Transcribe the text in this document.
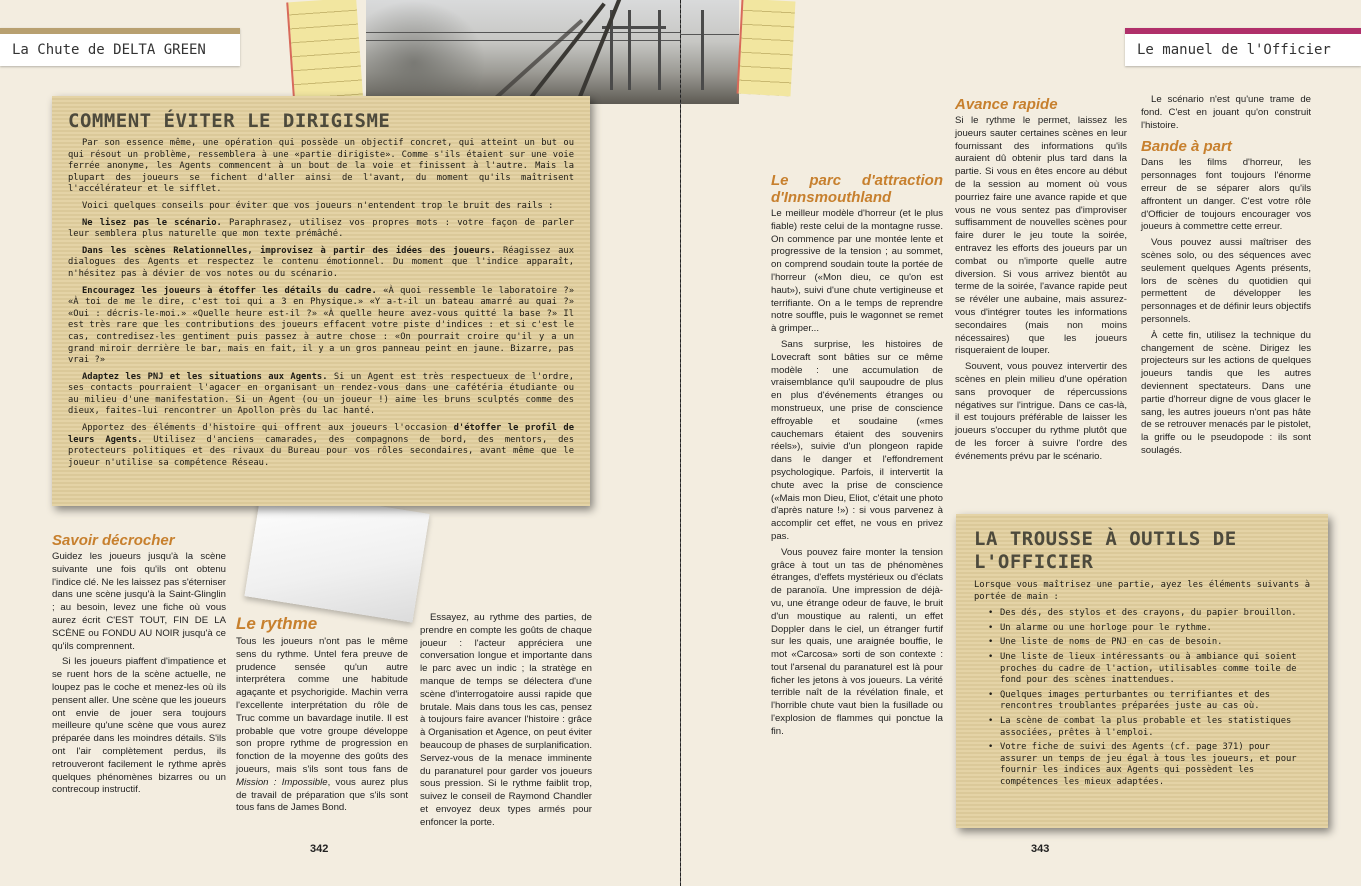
La Chute de DELTA GREEN
COMMENT ÉVITER LE DIRIGISME

Par son essence même, une opération qui possède un objectif concret, qui atteint un but ou qui résout un problème, ressemblera à une «partie dirigiste». Comme s'ils étaient sur une voie ferrée anonyme, les Agents commencent à un bout de la voie et finissent à l'autre. Mais la plupart des joueurs se fichent d'aller ainsi de l'avant, du moment qu'ils maîtrisent l'accélérateur et le sifflet.

Voici quelques conseils pour éviter que vos joueurs n'entendent trop le bruit des rails :

Ne lisez pas le scénario. Paraphrasez, utilisez vos propres mots : votre façon de parler leur semblera plus naturelle que mon texte prémâché.

Dans les scènes Relationnelles, improvisez à partir des idées des joueurs. Réagissez aux dialogues des Agents et respectez le contenu émotionnel. Du moment que l'indice apparaît, n'hésitez pas à dévier de vos notes ou du scénario.

Encouragez les joueurs à étoffer les détails du cadre. «À quoi ressemble le laboratoire ?» «À toi de me le dire, c'est toi qui a 3 en Physique.» «Y a-t-il un bateau amarré au quai ?» «Oui : décris-le-moi.» «Quelle heure est-il ?» «À quelle heure avez-vous quitté la base ?» Il est très rare que les contributions des joueurs effacent votre piste d'indices : et si c'est le cas, contredisez-les gentiment puis passez à autre chose : «On pourrait croire qu'il y a un grand miroir derrière le bar, mais en fait, il y a un gros panneau peint en jaune. Bizarre, pas vrai ?»

Adaptez les PNJ et les situations aux Agents. Si un Agent est très respectueux de l'ordre, ses contacts pourraient l'agacer en organisant un rendez-vous dans une cafétéria étudiante ou au milieu d'une manifestation. Si un Agent (ou un joueur !) aime les bruns sculptés comme des dieux, faites-lui rencontrer un Apollon près du lac hanté.

Apportez des éléments d'histoire qui offrent aux joueurs l'occasion d'étoffer le profil de leurs Agents. Utilisez d'anciens camarades, des compagnons de bord, des mentors, des protecteurs politiques et des rivaux du Bureau pour vos rôles secondaires, avant même que le joueur n'utilise sa compétence Réseau.

Savoir décrocher

Guidez les joueurs jusqu'à la scène suivante une fois qu'ils ont obtenu l'indice clé. Ne les laissez pas s'éterniser dans une scène jusqu'à la Saint-Glinglin ; au besoin, levez une fiche où vous aurez écrit C'EST TOUT, FIN DE LA SCÈNE ou FONDU AU NOIR jusqu'à ce qu'ils comprennent.

Si les joueurs piaffent d'impatience et se ruent hors de la scène actuelle, ne loupez pas le coche et menez-les où ils pensent aller. Une scène que les joueurs ont envie de jouer sera toujours meilleure qu'une scène que vous aurez préparée dans les moindres détails. S'ils ont l'air complètement perdus, ils retrouveront facilement le rythme après quelques phénomènes bizarres ou un contrecoup instructif.

Le rythme

Tous les joueurs n'ont pas le même sens du rythme. Untel fera preuve de prudence sensée qu'un autre interprétera comme une habitude agaçante et psychorigide. Machin verra l'excellente interprétation du rôle de Truc comme un bavardage inutile. Il est probable que votre groupe développe son propre rythme de progression en fonction de la moyenne des goûts des joueurs, mais s'ils sont tous fans de Mission : Impossible, vous aurez plus de travail de préparation que s'ils sont tous fans de James Bond.

Essayez, au rythme des parties, de prendre en compte les goûts de chaque joueur : l'acteur appréciera une conversation longue et importante dans le parc avec un indic ; la stratège en manque de temps se délectera d'une scène d'interrogatoire aussi rapide que brutale. Mais dans tous les cas, pensez à toujours faire avancer l'histoire : grâce à Organisation et Agence, on peut éviter beaucoup de phases de surplanification. Servez-vous de la menace imminente du paranaturel pour garder vos joueurs sous pression. Si le rythme faiblit trop, suivez le conseil de Raymond Chandler et envoyez deux types armés pour enfoncer la porte.

342
Le manuel de l'Officier
Le parc d'attraction d'Innsmouthland

Le meilleur modèle d'horreur (et le plus fiable) reste celui de la montagne russe. On commence par une montée lente et progressive de la tension ; au sommet, on comprend soudain toute la portée de l'horreur («Mon dieu, ce qu'on est haut»), suivi d'une chute vertigineuse et terrifiante. On a le temps de reprendre notre souffle, puis le wagonnet se remet à grimper...

Sans surprise, les histoires de Lovecraft sont bâties sur ce même modèle : une accumulation de vraisemblance qu'il saupoudre de plus en plus d'événements étranges ou monstrueux, une prise de conscience effroyable et soudaine («mes cauchemars étaient des souvenirs réels»), suivie d'un plongeon rapide dans le danger et l'effondrement psychologique. Parfois, il intervertit la chute avec la prise de conscience («Mais mon Dieu, Eliot, c'était une photo d'après nature !») : si vous parvenez à accomplir cet effet, ne vous en privez pas.

Vous pouvez faire monter la tension grâce à tout un tas de phénomènes étranges, d'effets mystérieux ou d'éclats de paranoïa. Une impression de déjà-vu, une étrange odeur de fauve, le bruit d'un moustique au ralenti, un effet Doppler dans le ciel, un étranger furtif sur les quais, une araignée bouffie, le mot «Carcosa» sorti de son contexte : tout l'arsenal du paranaturel est là pour ficher les jetons à vos joueurs. La vérité terrible naît de la révélation finale, et l'horrible chute vaut bien la fusillade ou l'explosion de flammes qui ponctue la fin.

Avance rapide

Si le rythme le permet, laissez les joueurs sauter certaines scènes en leur fournissant des informations qu'ils auraient dû obtenir plus tard dans la partie. Si vous en êtes encore au début de la session au moment où vous pourriez faire une avance rapide et que vous ne vous sentez pas d'improviser suffisamment de nouvelles scènes pour faire durer le jeu toute la soirée, entravez les efforts des joueurs par un combat ou n'importe quelle autre diversion. Si vous arrivez bientôt au terme de la soirée, l'avance rapide peut se révéler une aubaine, mais assurez-vous d'intégrer toutes les informations secondaires (mais non moins nécessaires) que les joueurs risqueraient de louper.

Souvent, vous pouvez intervertir des scènes en plein milieu d'une opération sans provoquer de répercussions négatives sur l'intrigue. Dans ce cas-là, il est toujours préférable de laisser les joueurs s'occuper du rythme plutôt que de les forcer à suivre l'ordre des événements prévu par le scénario.

Le scénario n'est qu'une trame de fond. C'est en jouant qu'on construit l'histoire.

Bande à part

Dans les films d'horreur, les personnages font toujours l'énorme erreur de se séparer alors qu'ils affrontent un danger. C'est votre rôle d'Officier de toujours encourager vos joueurs à commettre cette erreur.

Vous pouvez aussi maîtriser des scènes solo, ou des séquences avec seulement quelques Agents présents, lors de scènes du quotidien qui permettent de développer les personnages et de définir leurs objectifs personnels.

À cette fin, utilisez la technique du changement de scène. Dirigez les projecteurs sur les actions de quelques joueurs tandis que les autres deviennent spectateurs. Dans une partie d'horreur digne de vous glacer le sang, les autres joueurs n'ont pas hâte de se retrouver menacés par le pistolet, la griffe ou le pseudopode : ils sont soulagés.

LA TROUSSE À OUTILS DE L'OFFICIER

Lorsque vous maîtrisez une partie, ayez les éléments suivants à portée de main :

• Des dés, des stylos et des crayons, du papier brouillon.
• Un alarme ou une horloge pour le rythme.
• Une liste de noms de PNJ en cas de besoin.
• Une liste de lieux intéressants ou à ambiance qui soient proches du cadre de l'action, utilisables comme toile de fond pour des scènes inattendues.
• Quelques images perturbantes ou terrifiantes et des rencontres troublantes préparées juste au cas où.
• La scène de combat la plus probable et les statistiques associées, prêtes à l'emploi.
• Votre fiche de suivi des Agents (cf. page 371) pour assurer un temps de jeu égal à tous les joueurs, et pour fournir les indices aux Agents qui possèdent les compétences les mieux adaptées.
343
